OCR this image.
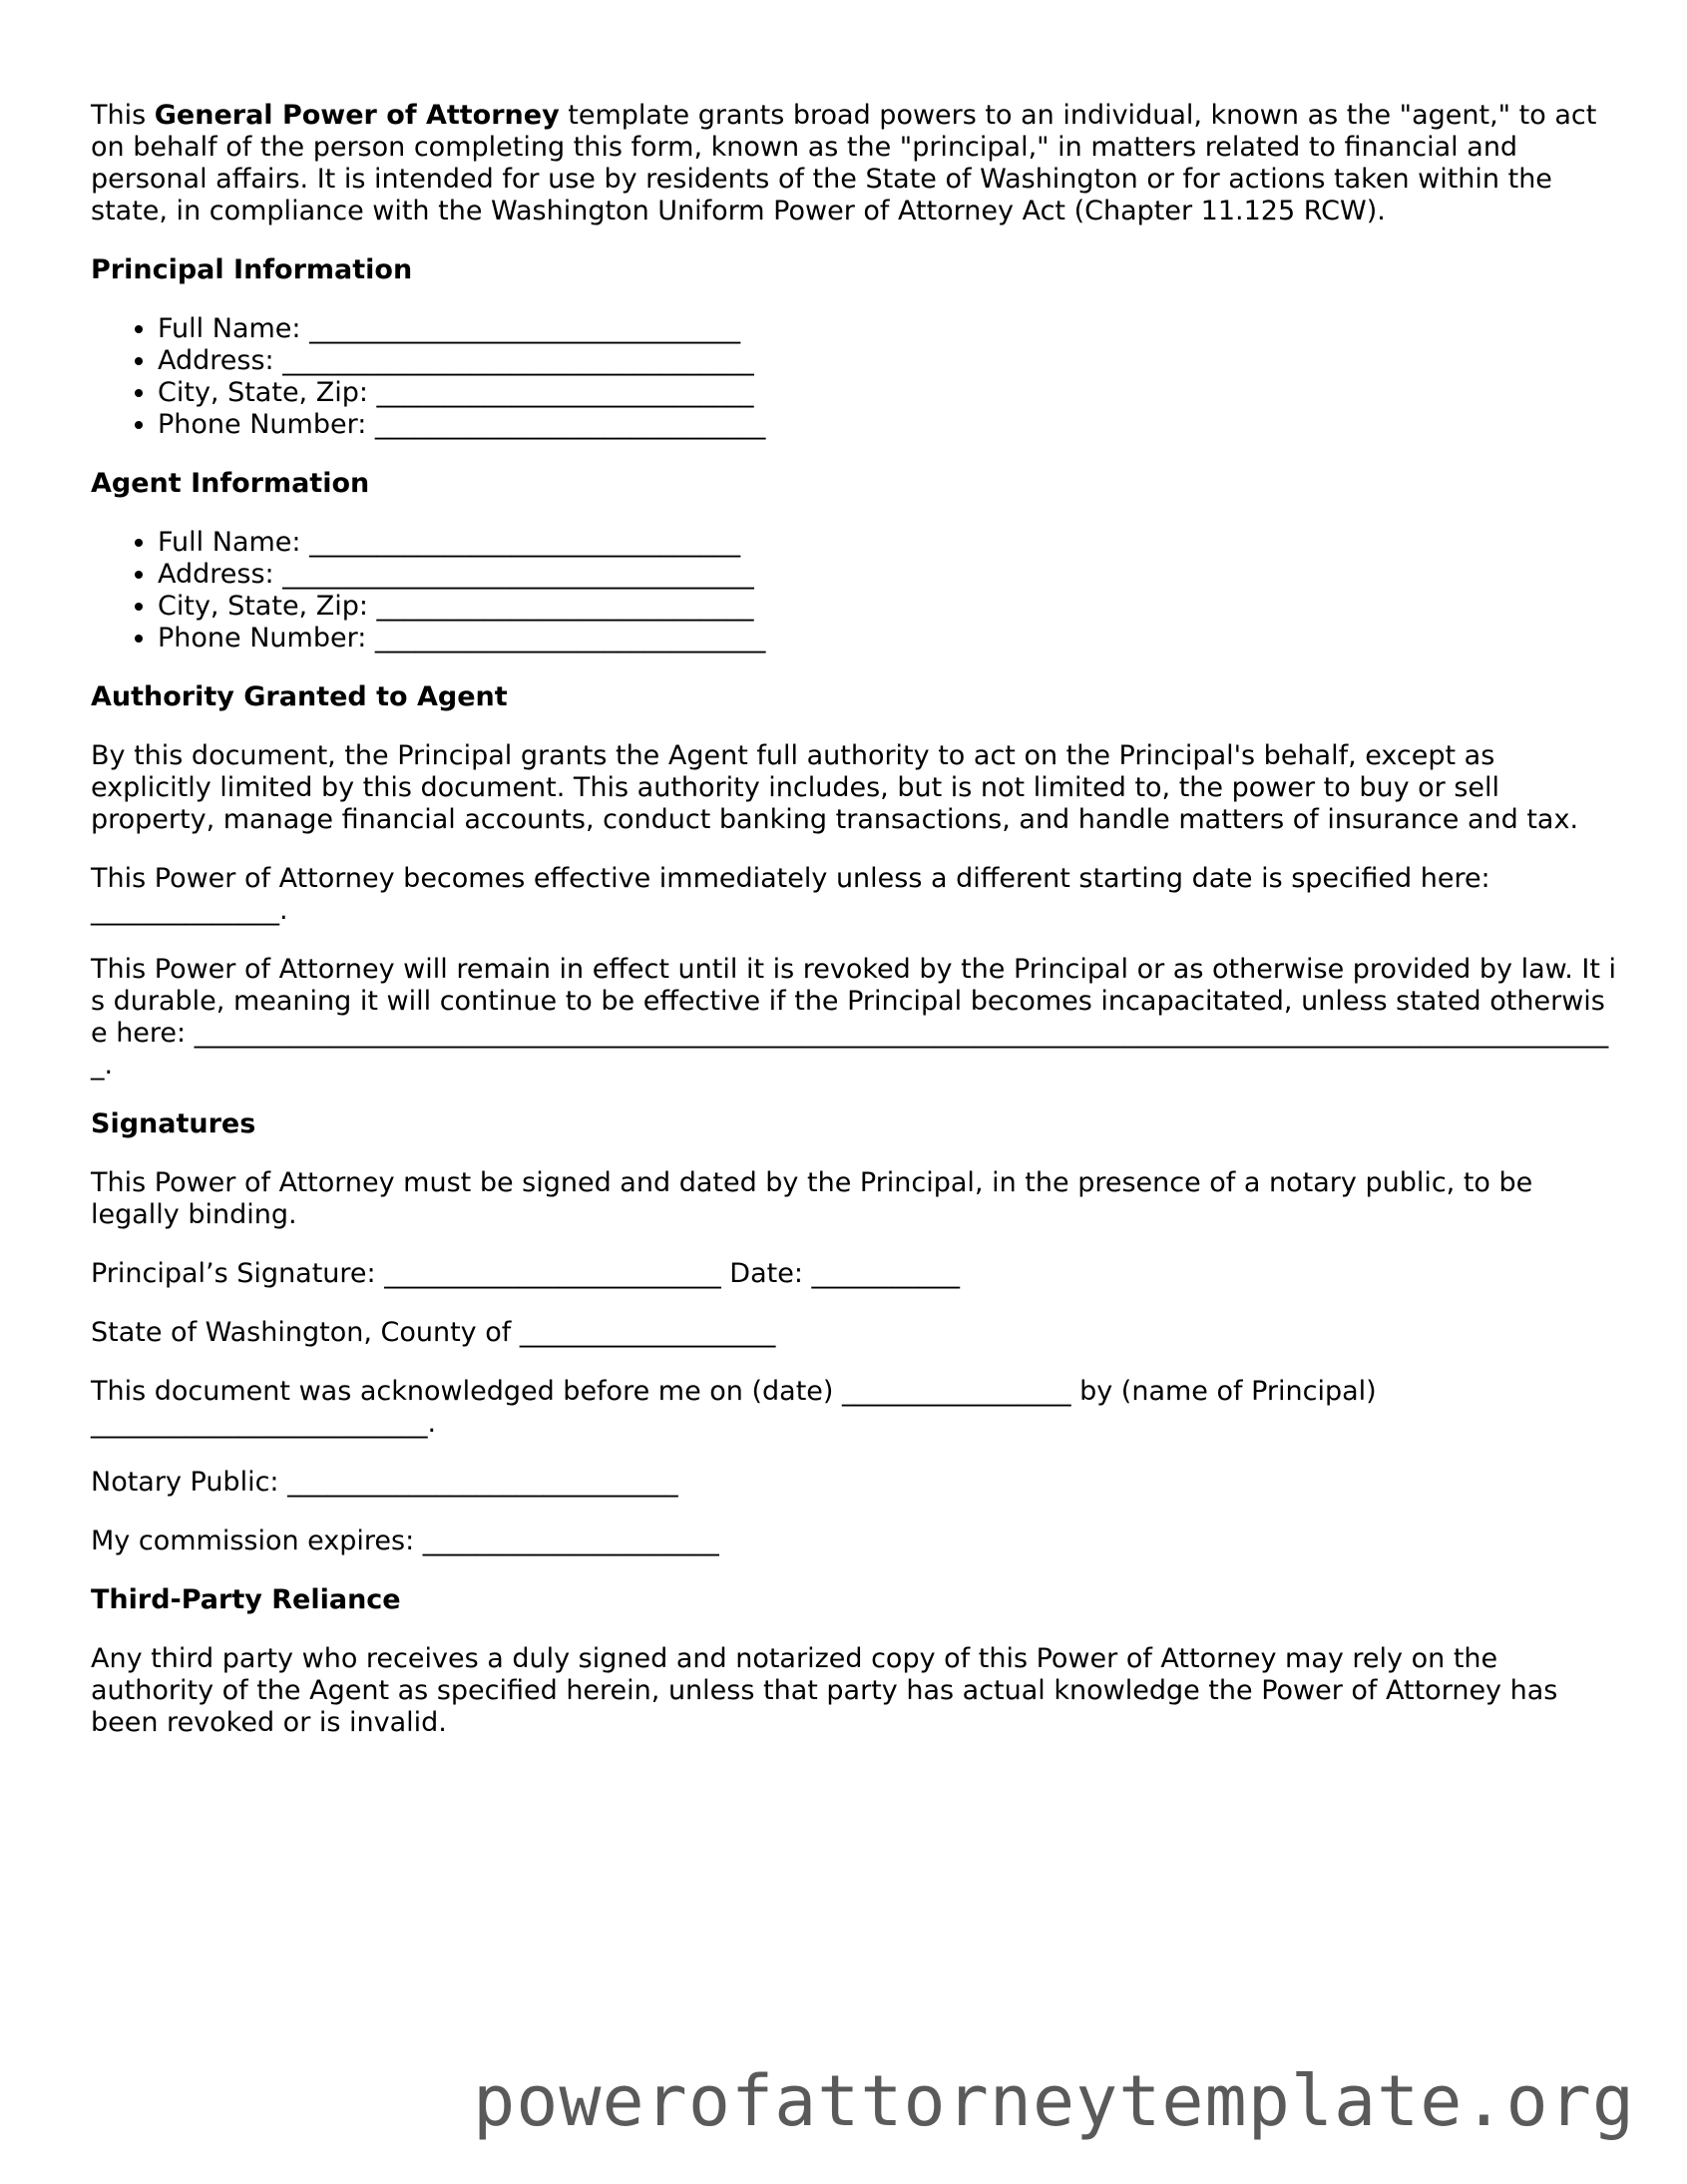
This General Power of Attorney template grants broad powers to an individual, known as the "agent," to act on behalf of the person completing this form, known as the "principal," in matters related to financial and personal affairs. It is intended for use by residents of the State of Washington or for actions taken within the state, in compliance with the Washington Uniform Power of Attorney Act (Chapter 11.125 RCW).

Principal Information
• Full Name: ________________________________
• Address: ___________________________________
• City, State, Zip: ____________________________
• Phone Number: _____________________________
Agent Information
• Full Name: ________________________________
• Address: ___________________________________
• City, State, Zip: ____________________________
• Phone Number: _____________________________
Authority Granted to Agent

By this document, the Principal grants the Agent full authority to act on the Principal's behalf, except as explicitly limited by this document. This authority includes, but is not limited to, the power to buy or sell property, manage financial accounts, conduct banking transactions, and handle matters of insurance and tax.

This Power of Attorney becomes effective immediately unless a different starting date is specified here: ______________.

This Power of Attorney will remain in effect until it is revoked by the Principal or as otherwise provided by law. It is durable, meaning it will continue to be effective if the Principal becomes incapacitated, unless stated otherwise here: __________________________________________________________________________________________________________.

Signatures

This Power of Attorney must be signed and dated by the Principal, in the presence of a notary public, to be legally binding.

Principal’s Signature: _________________________ Date: ___________

State of Washington, County of ___________________

This document was acknowledged before me on (date) _________________ by (name of Principal) _________________________.

Notary Public: _____________________________

My commission expires: ______________________

Third-Party Reliance

Any third party who receives a duly signed and notarized copy of this Power of Attorney may rely on the authority of the Agent as specified herein, unless that party has actual knowledge the Power of Attorney has been revoked or is invalid.

powerofattorneytemplate.org
